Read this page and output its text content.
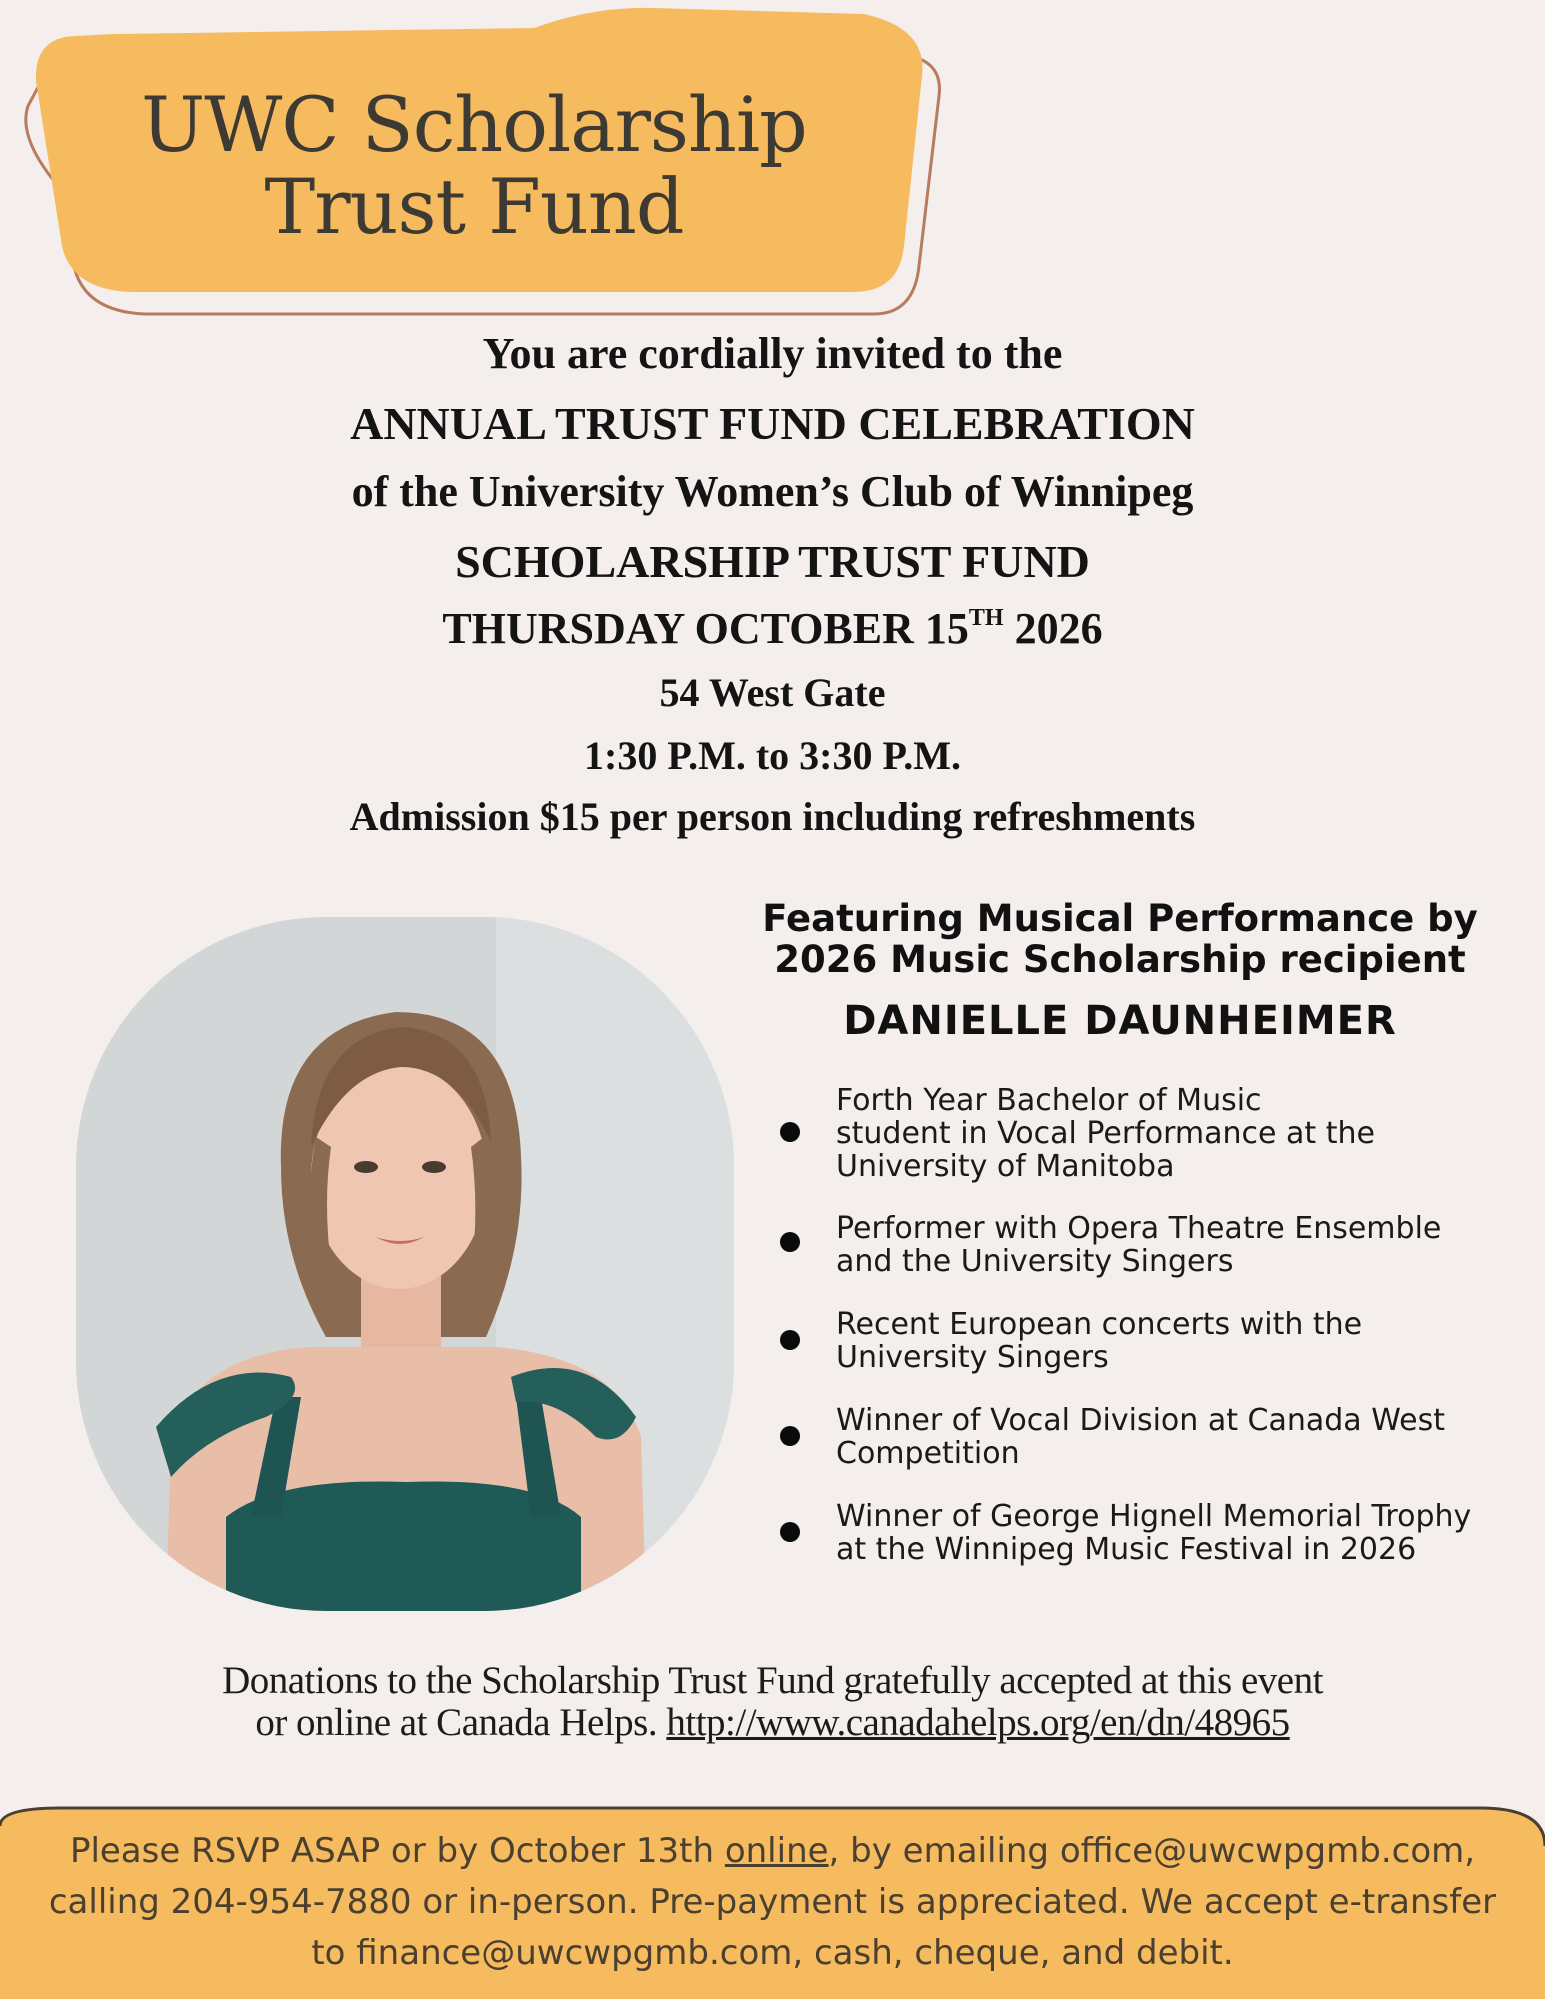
UWC Scholarship
Trust Fund
You are cordially invited to the
ANNUAL TRUST FUND CELEBRATION
of the University Women’s Club of Winnipeg
SCHOLARSHIP TRUST FUND
THURSDAY OCTOBER 15TH 2026
54 West Gate
1:30 P.M. to 3:30 P.M.
Admission $15 per person including refreshments
Featuring Musical Performance by
2026 Music Scholarship recipient
DANIELLE DAUNHEIMER
Forth Year Bachelor of Music
student in Vocal Performance at the
University of Manitoba
Performer with Opera Theatre Ensemble
and the University Singers
Recent European concerts with the
University Singers
Winner of Vocal Division at Canada West
Competition
Winner of George Hignell Memorial Trophy
at the Winnipeg Music Festival in 2026
Donations to the Scholarship Trust Fund gratefully accepted at this event
or online at Canada Helps. http://www.canadahelps.org/en/dn/48965
Please RSVP ASAP or by October 13th online, by emailing office@uwcwpgmb.com,
calling 204-954-7880 or in-person. Pre-payment is appreciated. We accept e-transfer
to finance@uwcwpgmb.com, cash, cheque, and debit.
